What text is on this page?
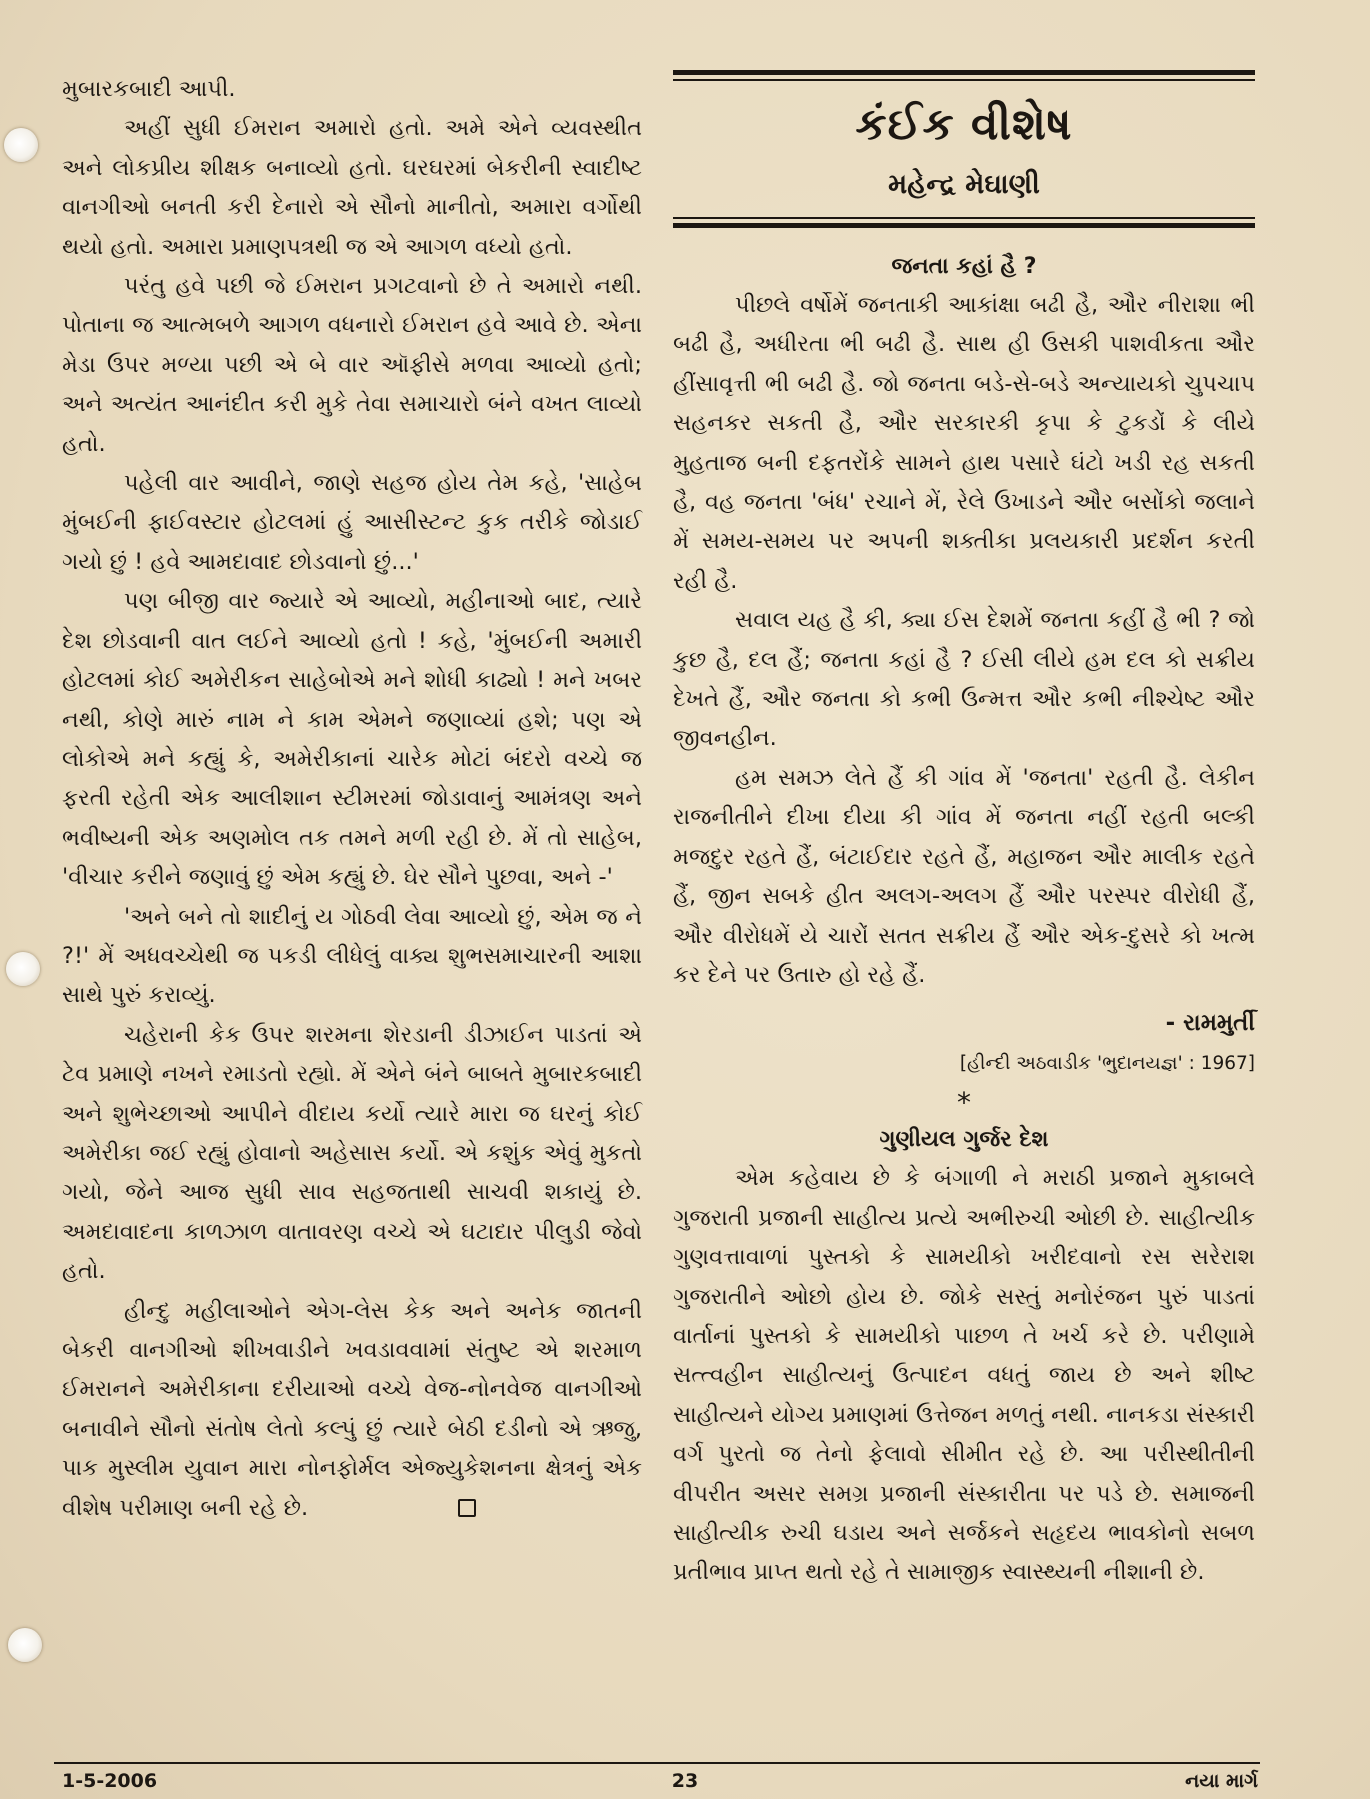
મુબારકબાદી આપી.

અહીં સુધી ઈમરાન અમારો હતો. અમે એને વ્યવસ્થીત અને લોકપ્રીય શીક્ષક બનાવ્યો હતો. ઘરઘરમાં બેકરીની સ્વાદીષ્ટ વાનગીઓ બનતી કરી દેનારો એ સૌનો માનીતો, અમારા વર્ગોથી થયો હતો. અમારા પ્રમાણપત્રથી જ એ આગળ વધ્યો હતો.

પરંતુ હવે પછી જે ઈમરાન પ્રગટવાનો છે તે અમારો નથી. પોતાના જ આત્મબળે આગળ વધનારો ઈમરાન હવે આવે છે. એના મેડા ઉપર મળ્યા પછી એ બે વાર ઑફીસે મળવા આવ્યો હતો; અને અત્યંત આનંદીત કરી મુકે તેવા સમાચારો બંને વખત લાવ્યો હતો.

પહેલી વાર આવીને, જાણે સહજ હોય તેમ કહે, 'સાહેબ મુંબઈની ફાઈવસ્ટાર હોટલમાં હું આસીસ્ટન્ટ કુક તરીકે જોડાઈ ગયો છું ! હવે આમદાવાદ છોડવાનો છું...'

પણ બીજી વાર જ્યારે એ આવ્યો, મહીનાઓ બાદ, ત્યારે દેશ છોડવાની વાત લઈને આવ્યો હતો ! કહે, 'મુંબઈની અમારી હોટલમાં કોઈ અમેરીકન સાહેબોએ મને શોધી કાઢ્યો ! મને ખબર નથી, કોણે મારું નામ ને કામ એમને જણાવ્યાં હશે; પણ એ લોકોએ મને કહ્યું કે, અમેરીકાનાં ચારેક મોટાં બંદરો વચ્ચે જ ફરતી રહેતી એક આલીશાન સ્ટીમરમાં જોડાવાનું આમંત્રણ અને ભવીષ્યની એક અણમોલ તક તમને મળી રહી છે. મેં તો સાહેબ, 'વીચાર કરીને જણાવું છું એમ કહ્યું છે. ઘેર સૌને પુછવા, અને -'

'અને બને તો શાદીનું ય ગોઠવી લેવા આવ્યો છું, એમ જ ને ?!' મેં અધવચ્ચેથી જ પકડી લીધેલું વાક્ય શુભસમાચારની આશા સાથે પુરું કરાવ્યું.

ચહેરાની કેક ઉપર શરમના શેરડાની ડીઝાઈન પાડતાં એ ટેવ પ્રમાણે નખને રમાડતો રહ્યો. મેં એને બંને બાબતે મુબારકબાદી અને શુભેચ્છાઓ આપીને વીદાય કર્યો ત્યારે મારા જ ઘરનું કોઈ અમેરીકા જઈ રહ્યું હોવાનો અહેસાસ કર્યો. એ કશુંક એવું મુકતો ગયો, જેને આજ સુધી સાવ સહજતાથી સાચવી શકાયું છે. અમદાવાદના કાળઝાળ વાતાવરણ વચ્ચે એ ઘટાદાર પીલુડી જેવો હતો.

હીન્દુ મહીલાઓને એગ-લેસ કેક અને અનેક જાતની બેકરી વાનગીઓ શીખવાડીને ખવડાવવામાં સંતુષ્ટ એ શરમાળ ઈમરાનને અમેરીકાના દરીયાઓ વચ્ચે વેજ-નોનવેજ વાનગીઓ બનાવીને સૌનો સંતોષ લેતો કલ્પું છું ત્યારે બેઠી દડીનો એ ઋજુ, પાક મુસ્લીમ યુવાન મારા નોનફોર્મલ એજ્યુકેશનના ક્ષેત્રનું એક વીશેષ પરીમાણ બની રહે છે.

કંઈક વીશેષ
મહેન્દ્ર મેઘાણી
જનતા કહાં હૈ ?

પીછલે વર્ષોમેં જનતાકી આકાંક્ષા બઢી હૈ, ઔર નીરાશા ભી બઢી હૈ, અધીરતા ભી બઢી હૈ. સાથ હી ઉસકી પાશવીકતા ઔર હીંસાવૃત્તી ભી બઢી હૈ. જો જનતા બડે-સે-બડે અન્યાયકો ચુપચાપ સહનકર સકતી હૈ, ઔર સરકારકી કૃપા કે ટુકડોં કે લીયે મુહતાજ બની દફતરોંકે સામને હાથ પસારે ઘંટો ખડી રહ સકતી હૈ, વહ જનતા 'બંધ' રચાને મેં, રેલે ઉખાડને ઔર બસોંકો જલાને મેં સમય-સમય પર અપની શક્તીકા પ્રલયકારી પ્રદર્શન કરતી રહી હૈ.

સવાલ યહ હૈ કી, ક્યા ઈસ દેશમેં જનતા કહીં હૈ ભી ? જો કુછ હૈ, દલ હૈં; જનતા કહાં હૈ ? ઈસી લીયે હમ દલ કો સક્રીય દેખતે હૈં, ઔર જનતા કો કભી ઉન્મત્ત ઔર કભી નીશ્ચેષ્ટ ઔર જીવનહીન.

હમ સમઝ લેતે હૈં કી ગાંવ મેં 'જનતા' રહતી હૈ. લેકીન રાજનીતીને દીખા દીયા કી ગાંવ મેં જનતા નહીં રહતી બલ્કી મજદુર રહતે હૈં, બંટાઈદાર રહતે હૈં, મહાજન ઔર માલીક રહતે હૈં, જીન સબકે હીત અલગ-અલગ હૈં ઔર પરસ્પર વીરોધી હૈં, ઔર વીરોધમેં યે ચારોં સતત સક્રીય હૈં ઔર એક-દુસરે કો ખત્મ કર દેને પર ઉતારુ હો રહે હૈં.

- રામમુર્તી
[હીન્દી અઠવાડીક 'ભુદાનયજ્ઞ' : 1967]
*
ગુણીયલ ગુર્જર દેશ

એમ કહેવાય છે કે બંગાળી ને મરાઠી પ્રજાને મુકાબલે ગુજરાતી પ્રજાની સાહીત્ય પ્રત્યે અભીરુચી ઓછી છે. સાહીત્યીક ગુણવત્તાવાળાં પુસ્તકો કે સામયીકો ખરીદવાનો રસ સરેરાશ ગુજરાતીને ઓછો હોય છે. જોકે સસ્તું મનોરંજન પુરું પાડતાં વાર્તાનાં પુસ્તકો કે સામયીકો પાછળ તે ખર્ચ કરે છે. પરીણામે સત્ત્વહીન સાહીત્યનું ઉત્પાદન વધતું જાય છે અને શીષ્ટ સાહીત્યને યોગ્ય પ્રમાણમાં ઉત્તેજન મળતું નથી. નાનકડા સંસ્કારી વર્ગ પુરતો જ તેનો ફેલાવો સીમીત રહે છે. આ પરીસ્થીતીની વીપરીત અસર સમગ્ર પ્રજાની સંસ્કારીતા પર પડે છે. સમાજની સાહીત્યીક રુચી ઘડાય અને સર્જકને સહૃદય ભાવકોનો સબળ પ્રતીભાવ પ્રાપ્ત થતો રહે તે સામાજીક સ્વાસ્થ્યની નીશાની છે.

1-5-2006	23	નયા માર્ગ
